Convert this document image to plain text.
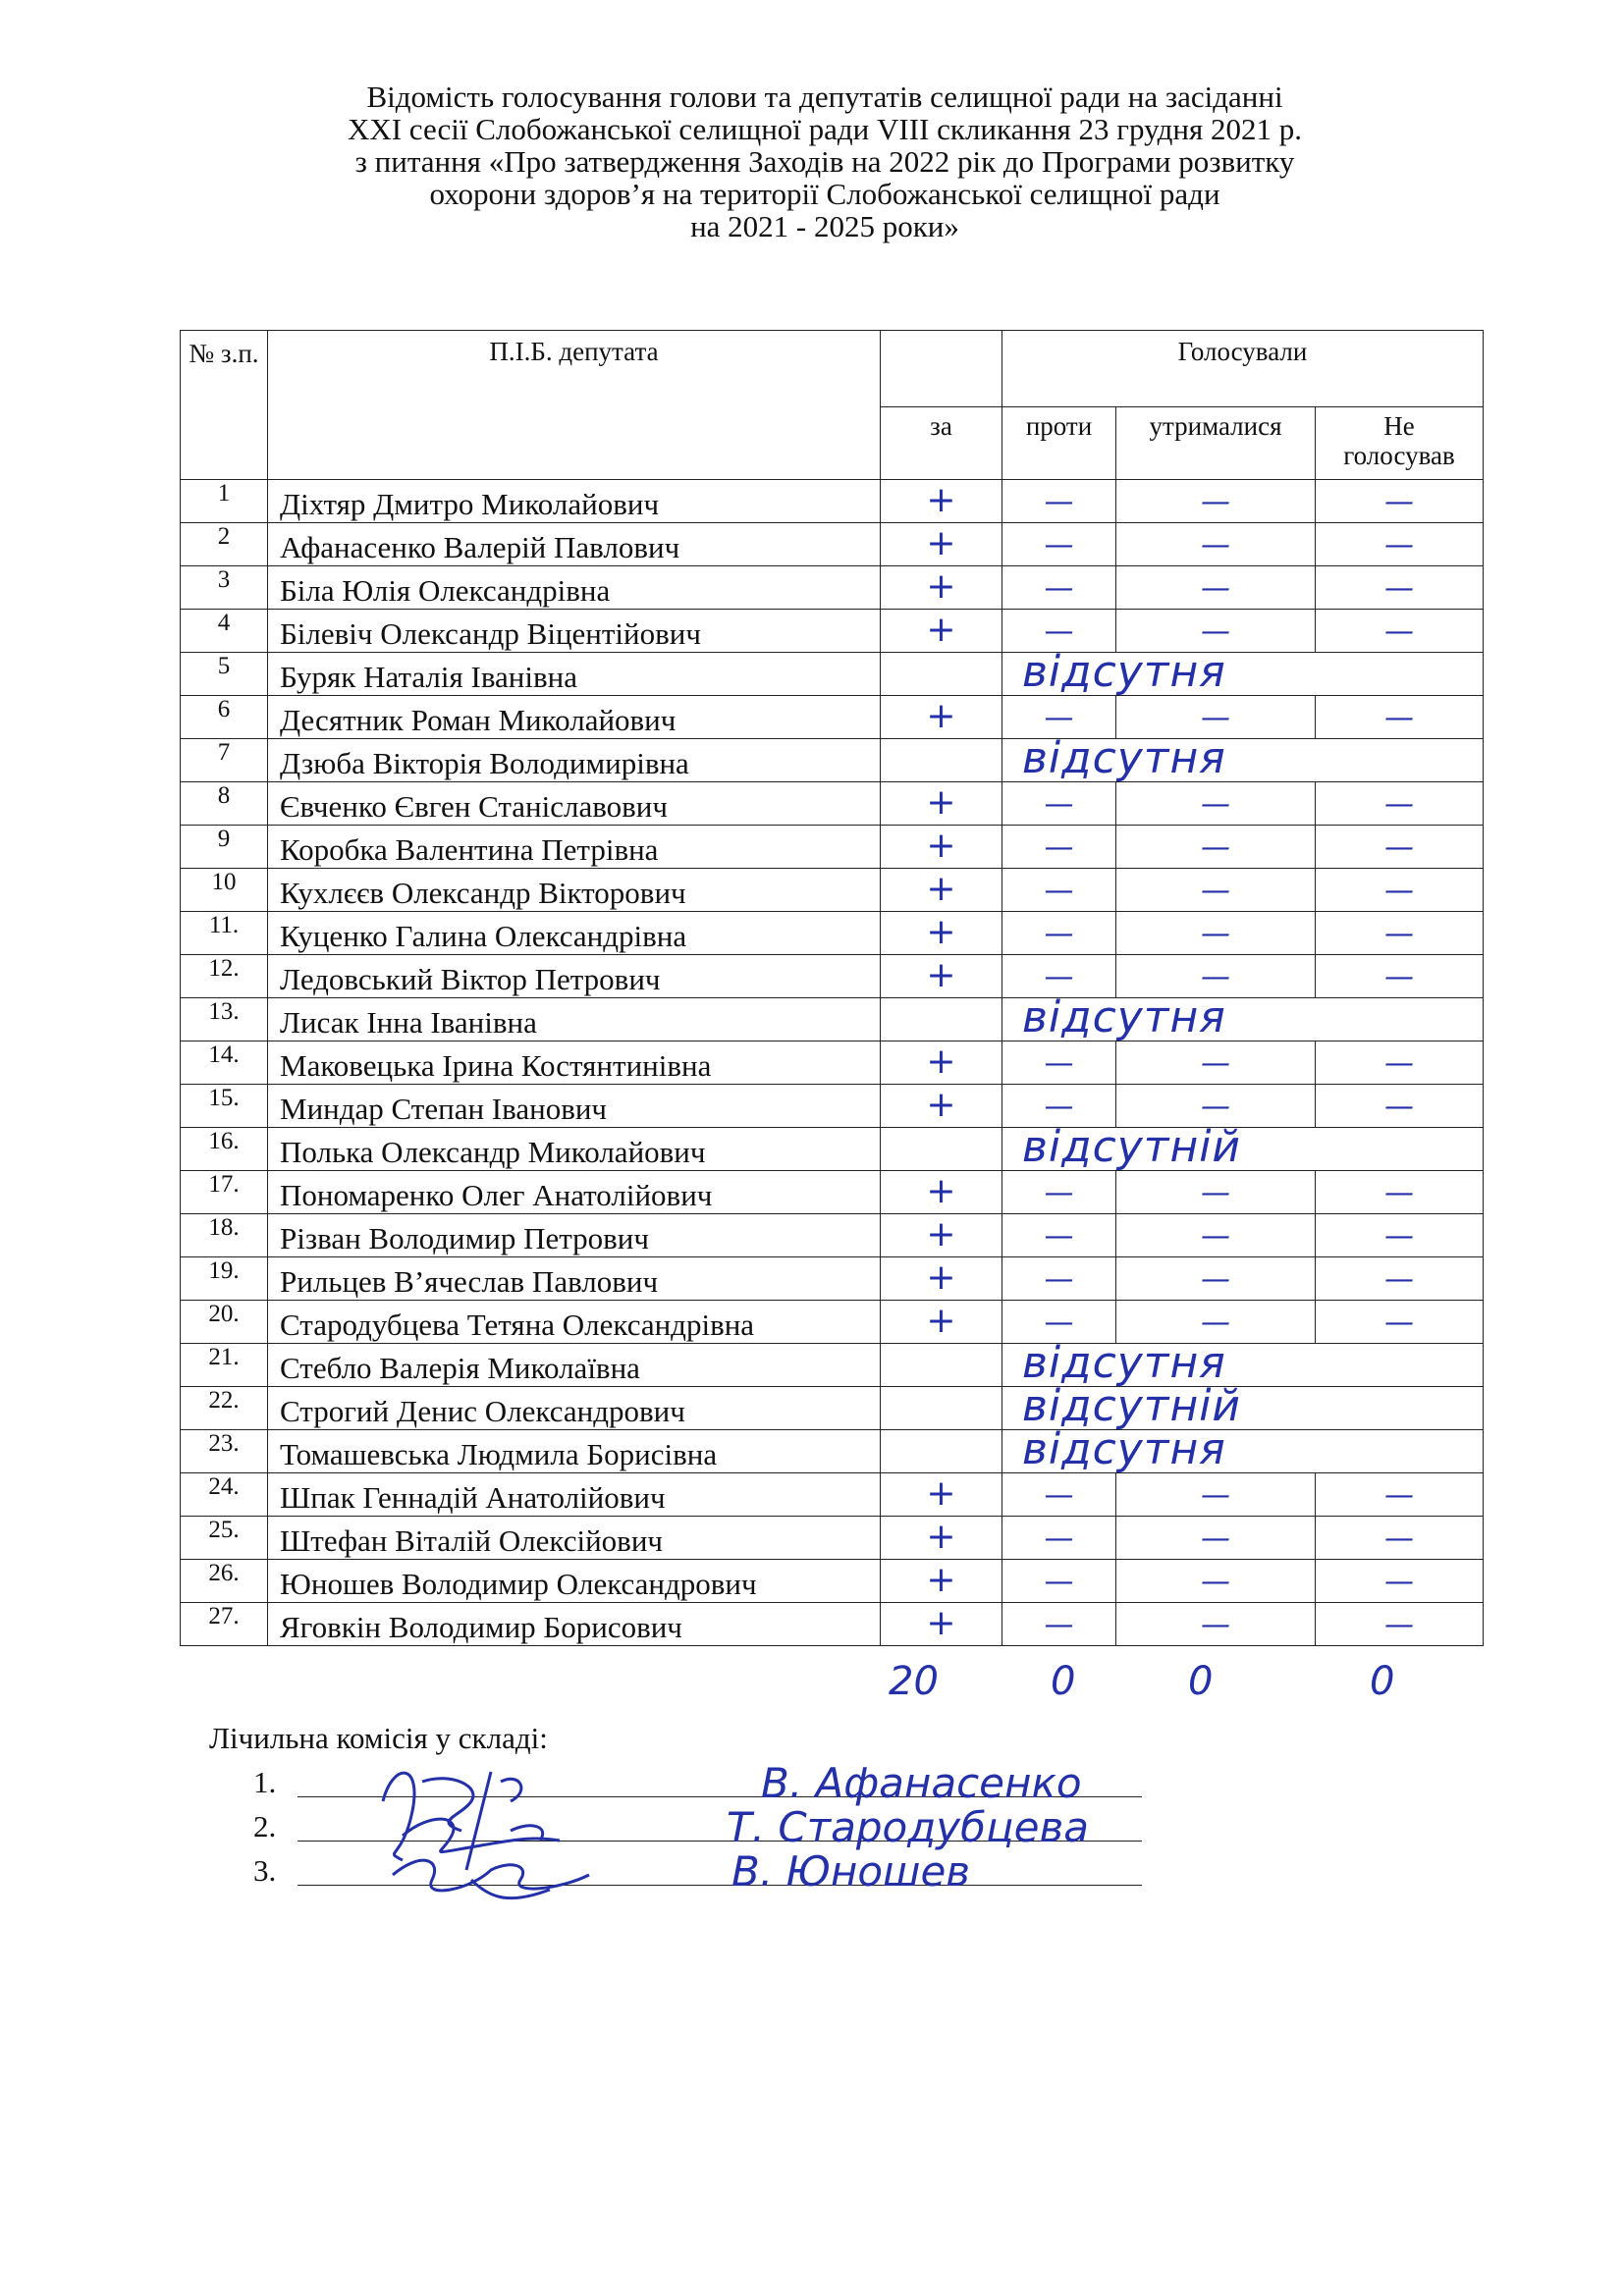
Відомість голосування голови та депутатів селищної ради на засіданні
XXI сесії Слобожанської селищної ради VIII скликання 23 грудня 2021 р.
з питання «Про затвердження Заходів на 2022 рік до Програми розвитку
охорони здоров’я на території Слобожанської селищної ради
на 2021 - 2025 роки»
№ з.п.	П.І.Б. депутата		Голосували		
		за	проти	утрималися	Не голосував
1	Діхтяр Дмитро Миколайович	+	—	—	—
2	Афанасенко Валерій Павлович	+	—	—	—
3	Біла Юлія Олександрівна	+	—	—	—
4	Білевіч Олександр Віцентійович	+	—	—	—
5	Буряк Наталія Іванівна		відсутня		

6	Десятник Роман Миколайович	+	—	—	—
7	Дзюба Вікторія Володимирівна		відсутня		

8	Євченко Євген Станіславович	+	—	—	—
9	Коробка Валентина Петрівна	+	—	—	—
10	Кухлєєв Олександр Вікторович	+	—	—	—
11.	Куценко Галина Олександрівна	+	—	—	—
12.	Ледовський Віктор Петрович	+	—	—	—
13.	Лисак Інна Іванівна		відсутня		

14.	Маковецька Ірина Костянтинівна	+	—	—	—
15.	Миндар Степан Іванович	+	—	—	—
16.	Полька Олександр Миколайович		відсутній		

17.	Пономаренко Олег Анатолійович	+	—	—	—
18.	Різван Володимир Петрович	+	—	—	—
19.	Рильцев В’ячеслав Павлович	+	—	—	—
20.	Стародубцева Тетяна Олександрівна	+	—	—	—
21.	Стебло Валерія Миколаївна		відсутня		

22.	Строгий Денис Олександрович		відсутній		

23.	Томашевська Людмила Борисівна		відсутня		

24.	Шпак Геннадій Анатолійович	+	—	—	—
25.	Штефан Віталій Олексійович	+	—	—	—
26.	Юношев Володимир Олександрович	+	—	—	—
27.	Яговкін Володимир Борисович	+	—	—	—
20	0	0	0
Лічильна комісія у складі:
1.
2.
3.
В. Афанасенко
Т. Стародубцева
В. Юношев
